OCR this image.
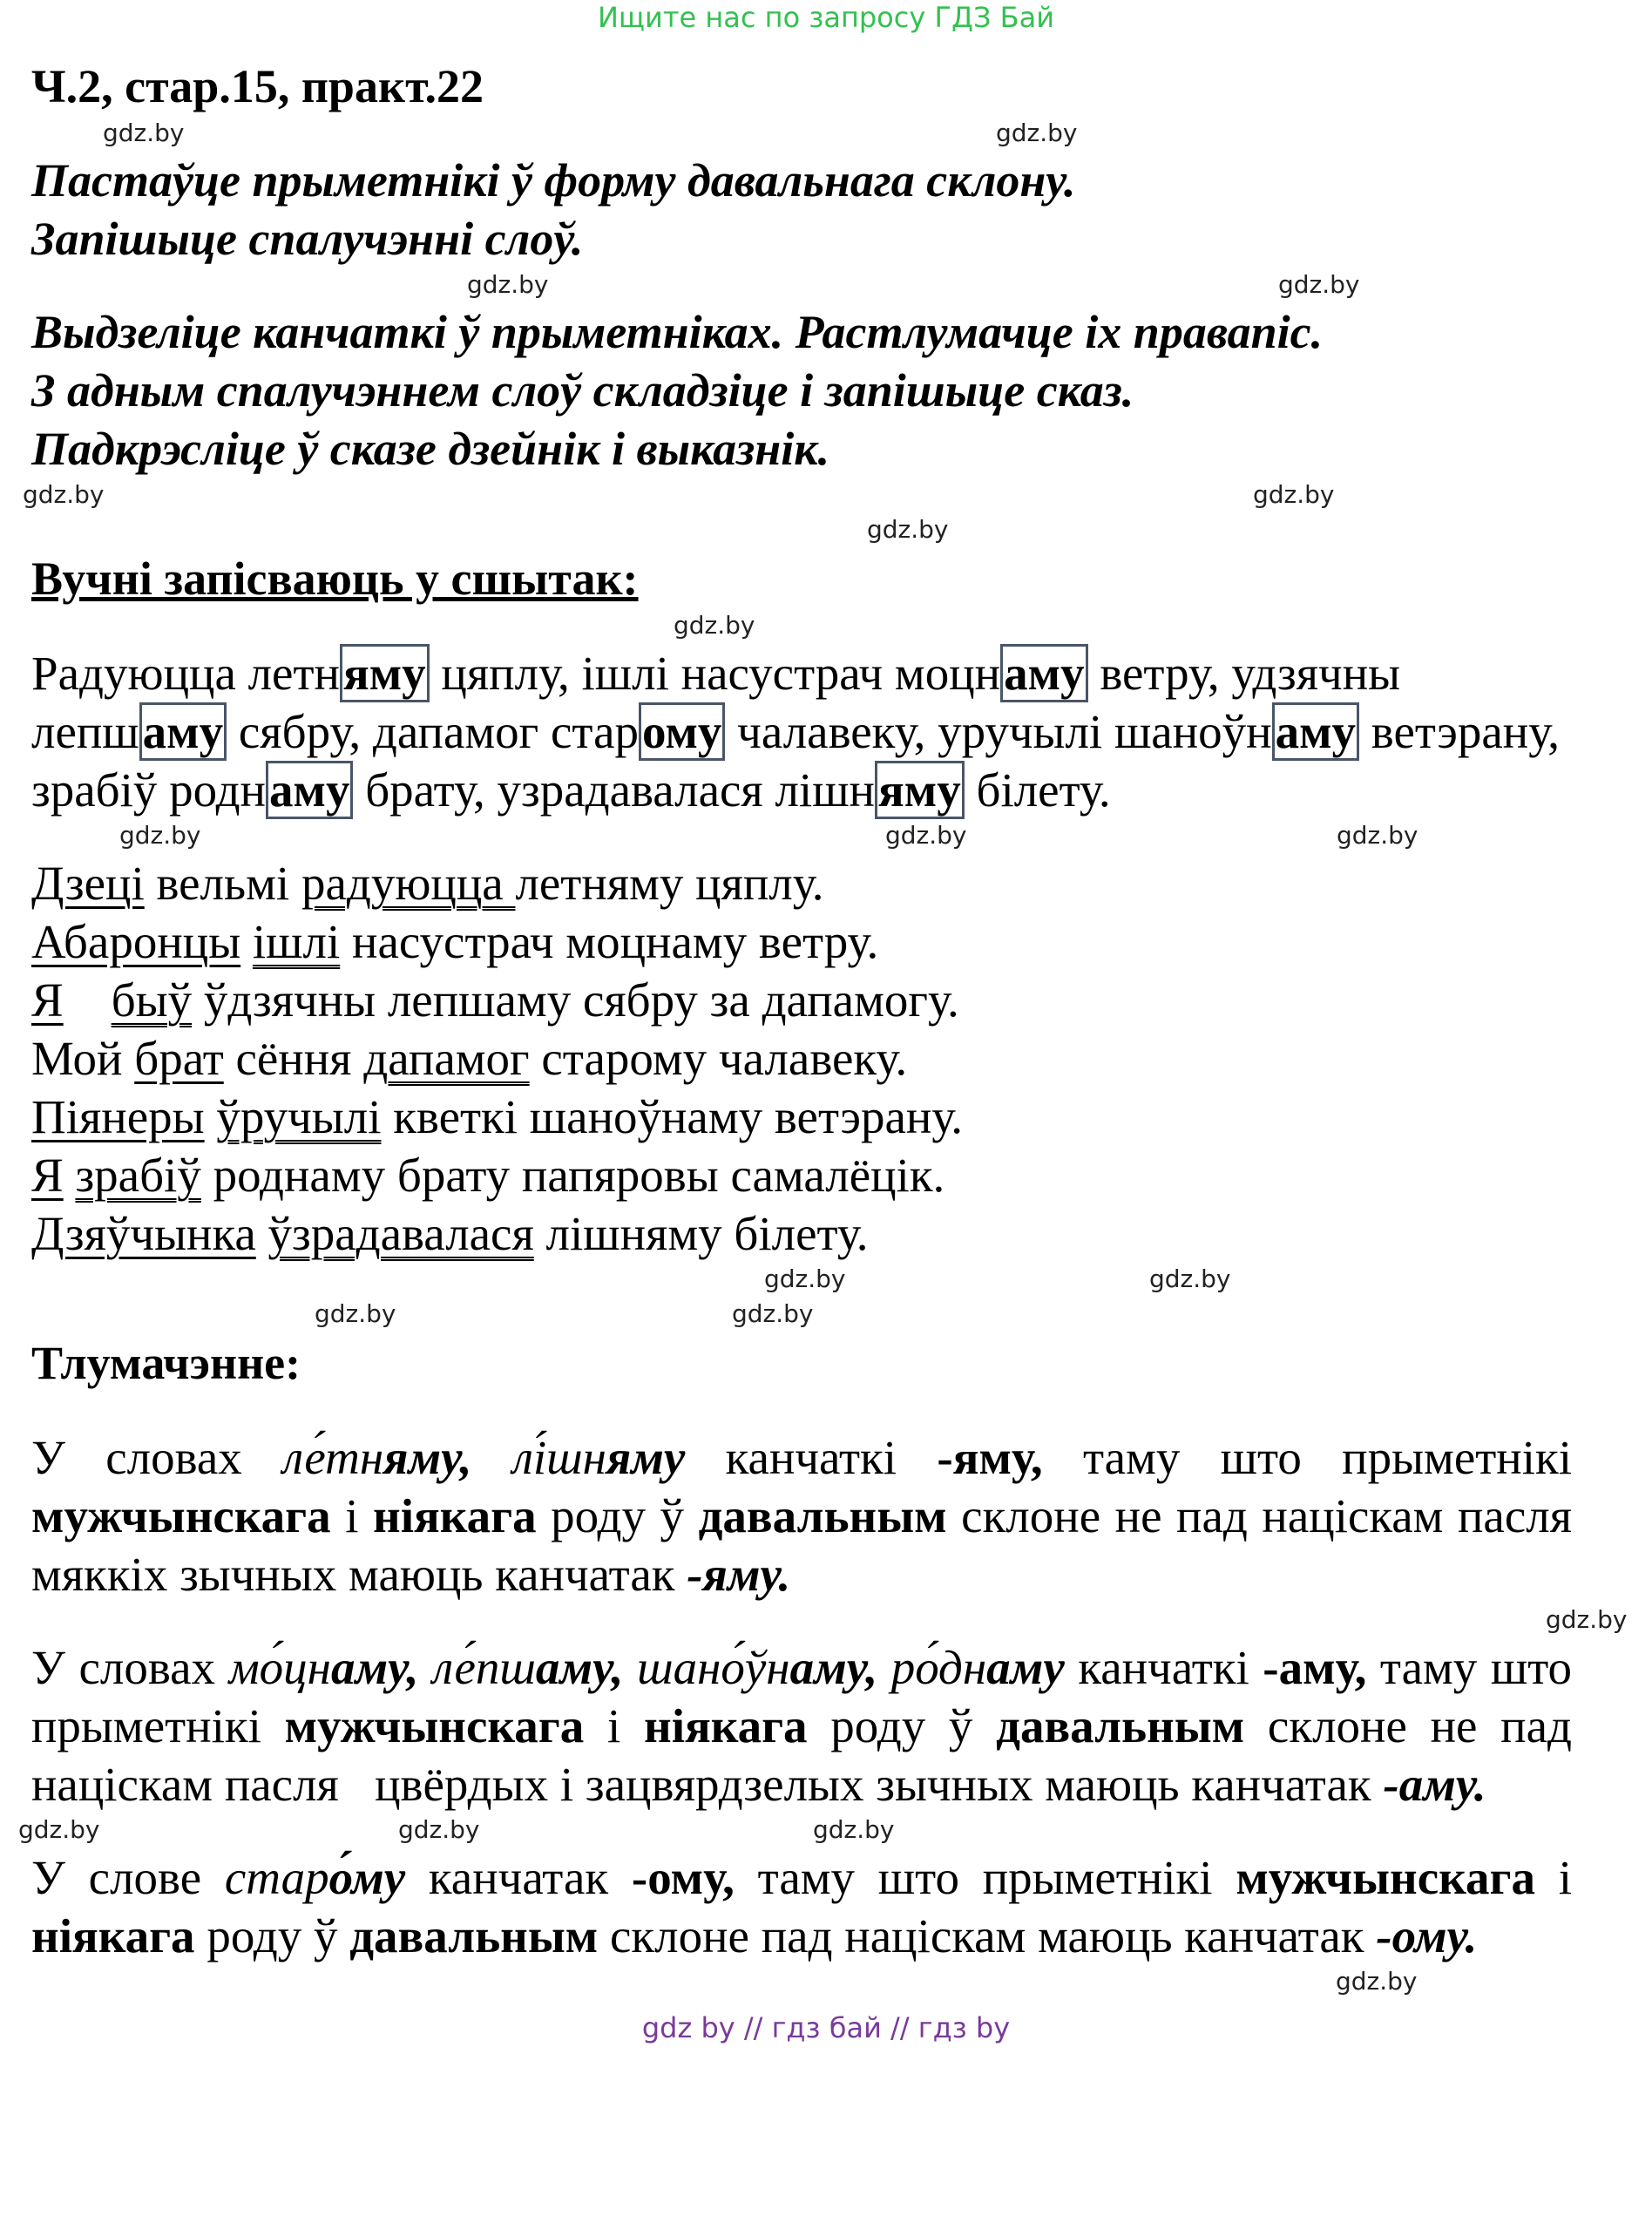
Ищите нас по запросу ГДЗ Бай
Ч.2, стар.15, практ.22
gdz.by	gdz.by
Пастаўце прыметнікі ў форму давальнага склону.
Запішыце спалучэнні слоў.
gdz.by	gdz.by
Выдзеліце канчаткі ў прыметніках. Растлумачце іх правапіс.
З адным спалучэннем слоў складзіце і запішыце сказ.
Падкрэсліце ў сказе дзейнік і выказнік.
gdz.by	gdz.by
gdz.by
Вучні запісваюць у сшытак:
gdz.by
Радуюцца летняму цяплу, ішлі насустрач моцнаму ветру, удзячны лепшаму сябру, дапамог старому чалавеку, уручылі шаноўнаму ветэрану, зрабіў роднаму брату, узрадавалася лішняму білету.
gdz.by	gdz.by	gdz.by
Дзеці вельмі радуюцца летняму цяплу.
Абаронцы ішлі насустрач моцнаму ветру.
Я быў ўдзячны лепшаму сябру за дапамогу.
Мой брат сёння дапамог старому чалавеку.
Піянеры ўручылі кветкі шаноўнаму ветэрану.
Я зрабіў роднаму брату папяровы самалёцік.
Дзяўчынка ўзрадавалася лішняму білету.
gdz.by	gdz.by
gdz.by	gdz.by
Тлумачэнне:
У словах ле́тняму, лі́шняму канчаткі -яму, таму што прыметнікі мужчынскага і ніякага роду ў давальным склоне не пад націскам пасля мяккіх зычных маюць канчатак -яму.
gdz.by
У словах мо́цнаму, ле́пшаму, шано́ўнаму, ро́днаму канчаткі -аму, таму што прыметнікі мужчынскага і ніякага роду ў давальным склоне не пад націскам пасля   цвёрдых і зацвярдзелых зычных маюць канчатак -аму.
gdz.by	gdz.by	gdz.by
У слове старо́му канчатак -ому, таму што прыметнікі мужчынскага і ніякага роду ў давальным склоне пад націскам маюць канчатак -ому.
gdz.by
gdz by // гдз бай // гдз by
